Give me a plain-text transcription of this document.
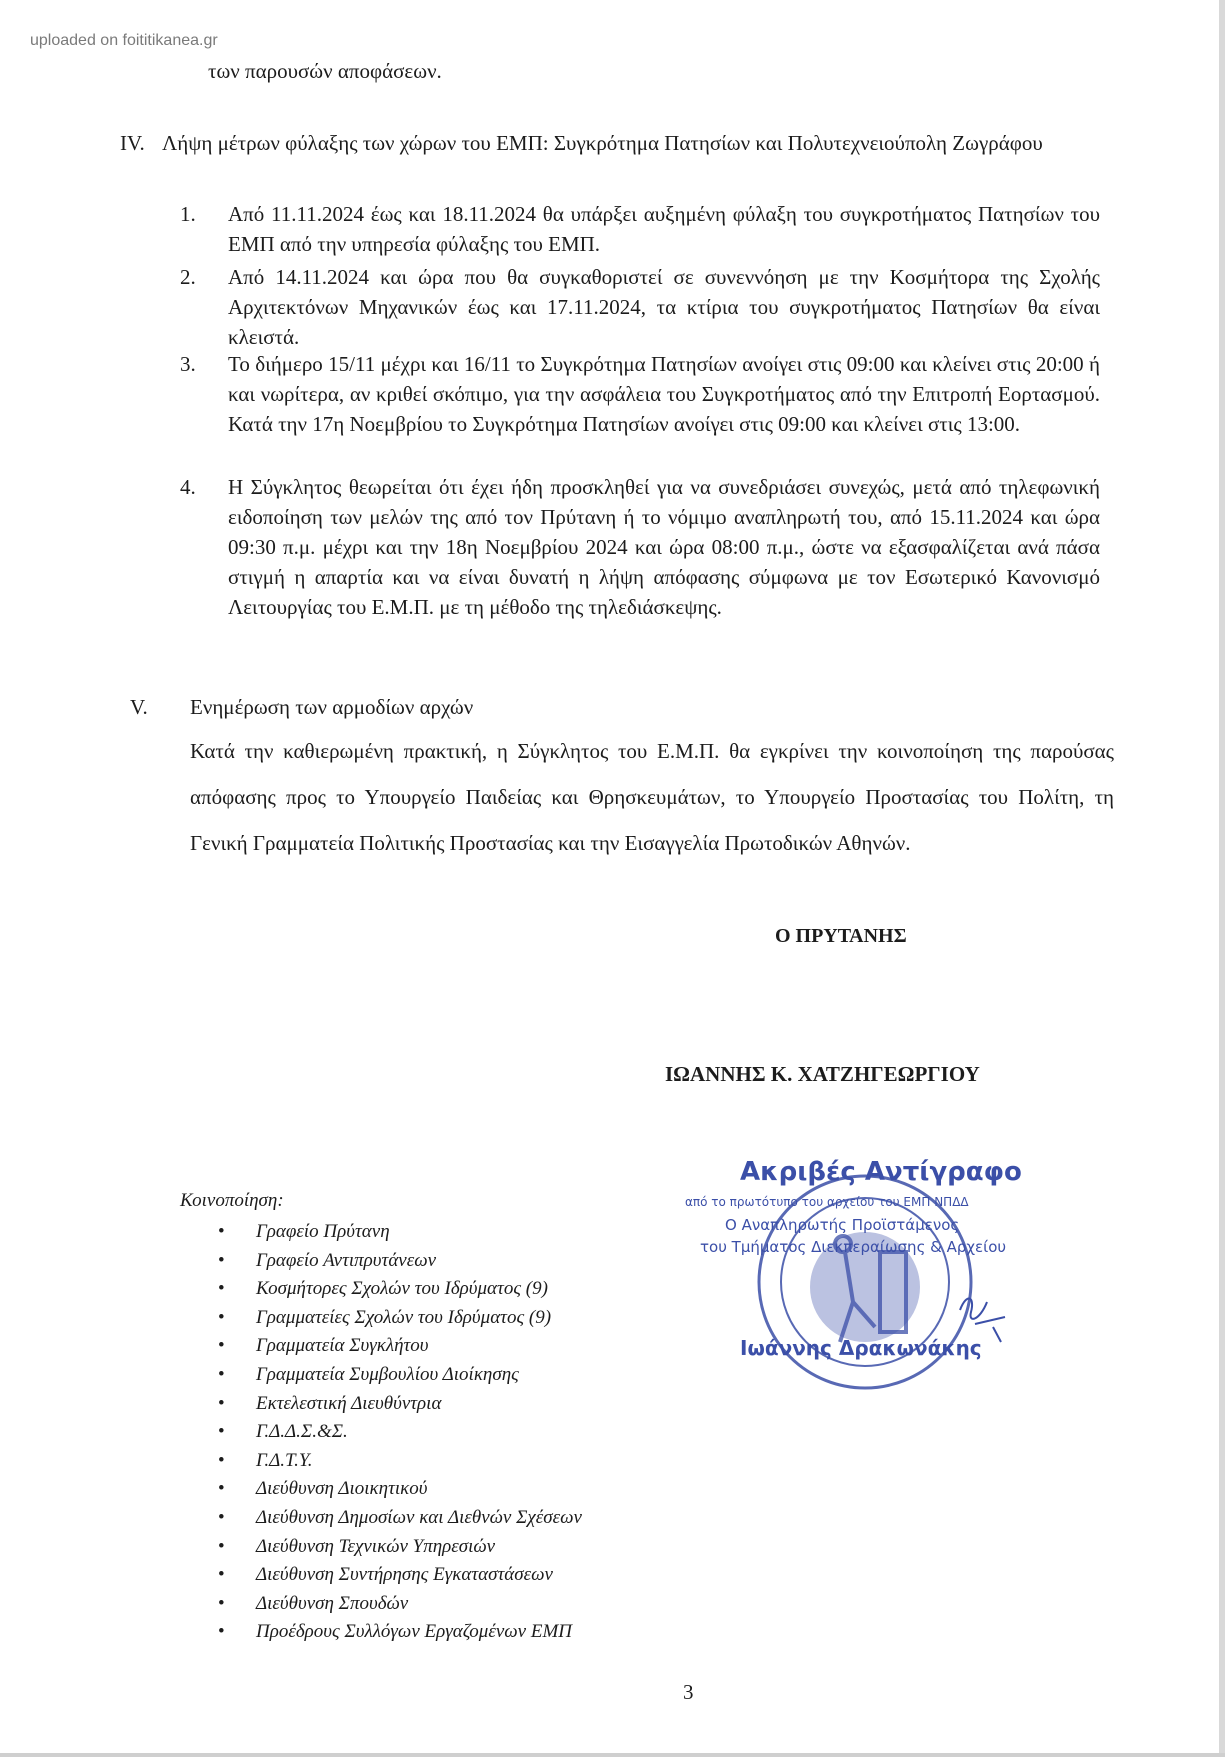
uploaded on foititikanea.gr
των παρουσών αποφάσεων.
IV. Λήψη μέτρων φύλαξης των χώρων του ΕΜΠ: Συγκρότημα Πατησίων και Πολυτεχνειούπολη Ζωγράφου
1.	Από 11.11.2024 έως και 18.11.2024 θα υπάρξει αυξημένη φύλαξη του συγκροτήματος Πατησίων του ΕΜΠ από την υπηρεσία φύλαξης του ΕΜΠ.
2.	Από 14.11.2024 και ώρα που θα συγκαθοριστεί σε συνεννόηση με την Κοσμήτορα της Σχολής Αρχιτεκτόνων Μηχανικών έως και 17.11.2024, τα κτίρια του συγκροτήματος Πατησίων θα είναι κλειστά.
3.	Το διήμερο 15/11 μέχρι και 16/11 το Συγκρότημα Πατησίων ανοίγει στις 09:00 και κλείνει στις 20:00 ή και νωρίτερα, αν κριθεί σκόπιμο, για την ασφάλεια του Συγκροτήματος από την Επιτροπή Εορτασμού. Κατά την 17η Νοεμβρίου το Συγκρότημα Πατησίων ανοίγει στις 09:00 και κλείνει στις 13:00.
4.	Η Σύγκλητος θεωρείται ότι έχει ήδη προσκληθεί για να συνεδριάσει συνεχώς, μετά από τηλεφωνική ειδοποίηση των μελών της από τον Πρύτανη ή το νόμιμο αναπληρωτή του, από 15.11.2024 και ώρα 09:30 π.μ. μέχρι και την 18η Νοεμβρίου 2024 και ώρα 08:00 π.μ., ώστε να εξασφαλίζεται ανά πάσα στιγμή η απαρτία και να είναι δυνατή η λήψη απόφασης σύμφωνα με τον Εσωτερικό Κανονισμό Λειτουργίας του Ε.Μ.Π. με τη μέθοδο της τηλεδιάσκεψης.
V. Ενημέρωση των αρμοδίων αρχών
Κατά την καθιερωμένη πρακτική, η Σύγκλητος του Ε.Μ.Π. θα εγκρίνει την κοινοποίηση της παρούσας απόφασης προς το Υπουργείο Παιδείας και Θρησκευμάτων, το Υπουργείο Προστασίας του Πολίτη, τη Γενική Γραμματεία Πολιτικής Προστασίας και την Εισαγγελία Πρωτοδικών Αθηνών.
Ο ΠΡΥΤΑΝΗΣ
ΙΩΑΝΝΗΣ Κ. ΧΑΤΖΗΓΕΩΡΓΙΟΥ
Κοινοποίηση:
• Γραφείο Πρύτανη
• Γραφείο Αντιπρυτάνεων
• Κοσμήτορες Σχολών του Ιδρύματος (9)
• Γραμματείες Σχολών του Ιδρύματος (9)
• Γραμματεία Συγκλήτου
• Γραμματεία Συμβουλίου Διοίκησης
• Εκτελεστική Διευθύντρια
• Γ.Δ.Δ.Σ.&Σ.
• Γ.Δ.Τ.Υ.
• Διεύθυνση Διοικητικού
• Διεύθυνση Δημοσίων και Διεθνών Σχέσεων
• Διεύθυνση Τεχνικών Υπηρεσιών
• Διεύθυνση Συντήρησης Εγκαταστάσεων
• Διεύθυνση Σπουδών
• Προέδρους Συλλόγων Εργαζομένων ΕΜΠ
Ακριβές Αντίγραφο
από το πρωτότυπο του αρχείου του ΕΜΠ ΝΠΔΔ
Ο Αναπληρωτής Προϊστάμενος
του Τμήματος Διεκπεραίωσης & Αρχείου
Ιωάννης Δρακωνάκης
3
